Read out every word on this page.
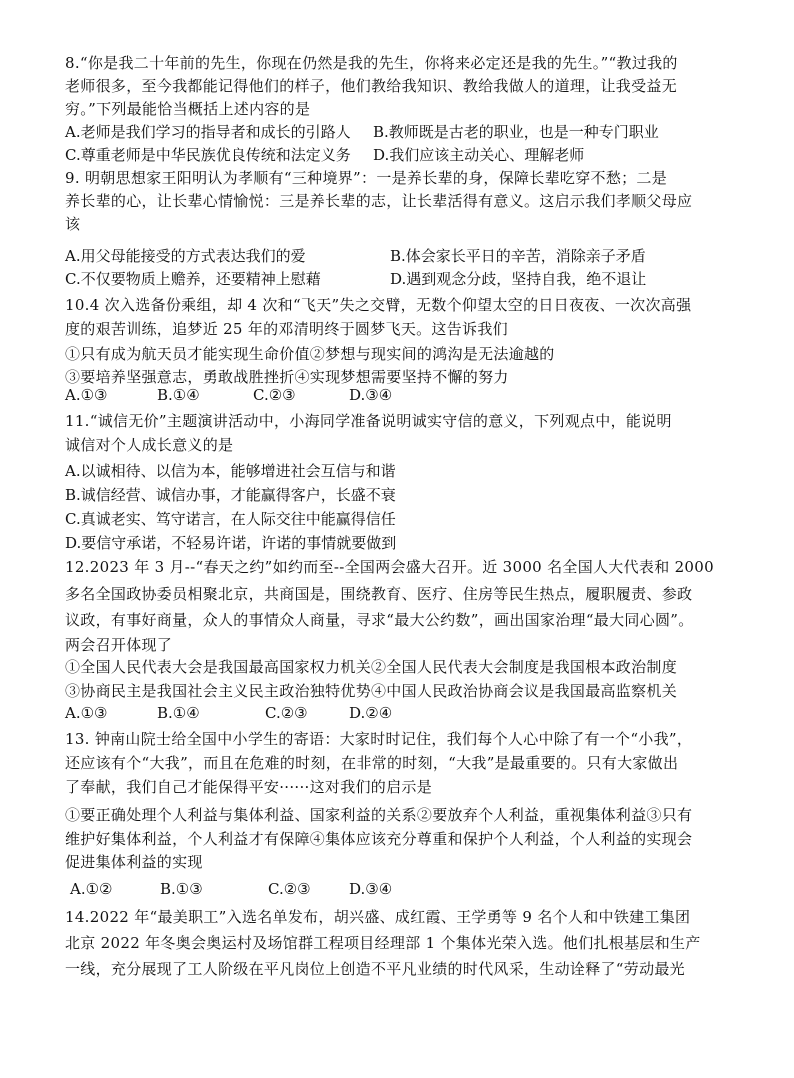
8.“你是我二十年前的先生，你现在仍然是我的先生，你将来必定还是我的先生。”“教过我的
老师很多，至今我都能记得他们的样子，他们教给我知识、教给我做人的道理，让我受益无
穷。”下列最能恰当概括上述内容的是
A.老师是我们学习的指导者和成长的引路人 B.教师既是古老的职业，也是一种专门职业
C.尊重老师是中华民族优良传统和法定义务 D.我们应该主动关心、理解老师
9. 明朝思想家王阳明认为孝顺有“三种境界”：一是养长辈的身，保障长辈吃穿不愁；二是
养长辈的心，让长辈心情愉悦：三是养长辈的志，让长辈活得有意义。这启示我们孝顺父母应
该
A.用父母能接受的方式表达我们的爱	B.体会家长平日的辛苦，消除亲子矛盾
C.不仅要物质上赡养，还要精神上慰藉	D.遇到观念分歧，坚持自我，绝不退让
10.4 次入选备份乘组，却 4 次和“飞天”失之交臂，无数个仰望太空的日日夜夜、一次次高强
度的艰苦训练，追梦近 25 年的邓清明终于圆梦飞天。这告诉我们
①只有成为航天员才能实现生命价值②梦想与现实间的鸿沟是无法逾越的
③要培养坚强意志，勇敢战胜挫折④实现梦想需要坚持不懈的努力
A.①③	B.①④	C.②③	D.③④
11.“诚信无价”主题演讲活动中，小海同学准备说明诚实守信的意义，下列观点中，能说明
诚信对个人成长意义的是
A.以诚相待、以信为本，能够增进社会互信与和谐
B.诚信经营、诚信办事，才能赢得客户，长盛不衰
C.真诚老实、笃守诺言，在人际交往中能赢得信任
D.要信守承诺，不轻易许诺，许诺的事情就要做到
12.2023 年 3 月--“春天之约”如约而至--全国两会盛大召开。近 3000 名全国人大代表和 2000
多名全国政协委员相聚北京，共商国是，围绕教育、医疗、住房等民生热点，履职履责、参政
议政，有事好商量，众人的事情众人商量，寻求“最大公约数”，画出国家治理“最大同心圆”。
两会召开体现了
①全国人民代表大会是我国最高国家权力机关②全国人民代表大会制度是我国根本政治制度
③协商民主是我国社会主义民主政治独特优势④中国人民政治协商会议是我国最高监察机关
A.①③	B.①④	C.②③	D.②④
13. 钟南山院士给全国中小学生的寄语：大家时时记住，我们每个人心中除了有一个“小我”，
还应该有个“大我”，而且在危难的时刻，在非常的时刻，“大我”是最重要的。只有大家做出
了奉献，我们自己才能保得平安······这对我们的启示是
①要正确处理个人利益与集体利益、国家利益的关系②要放弃个人利益，重视集体利益③只有
维护好集体利益，个人利益才有保障④集体应该充分尊重和保护个人利益，个人利益的实现会
促进集体利益的实现
A.①②	B.①③	C.②③	D.③④
14.2022 年“最美职工”入选名单发布，胡兴盛、成红霞、王学勇等 9 名个人和中铁建工集团
北京 2022 年冬奥会奥运村及场馆群工程项目经理部 1 个集体光荣入选。他们扎根基层和生产
一线，充分展现了工人阶级在平凡岗位上创造不平凡业绩的时代风采，生动诠释了“劳动最光
